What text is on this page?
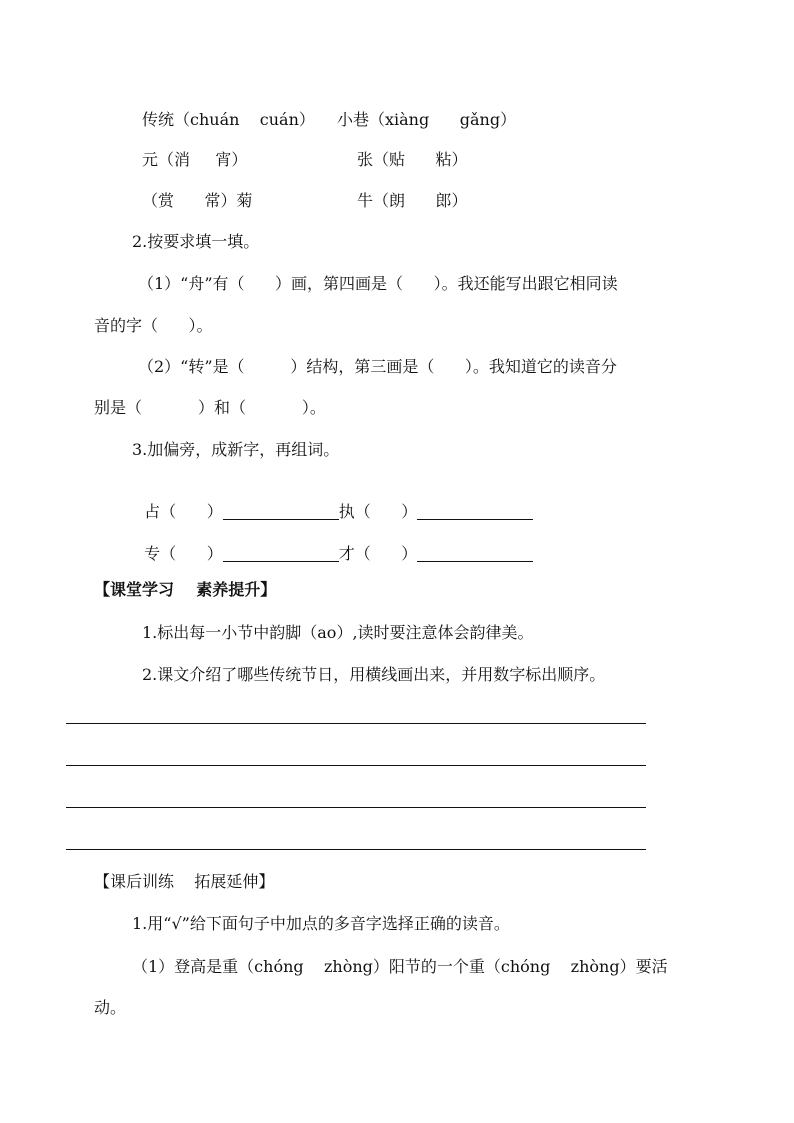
传统（chuán    cuán） 小巷（xiàng      gǎng）
元（消     宵）	张（贴      粘）
（赏      常）菊	牛（朗      郎）
2.按要求填一填。
（1）“舟”有（      ）画，第四画是（      ）。我还能写出跟它相同读
音的字（      ）。
（2）“转”是（         ）结构，第三画是（      ）。我知道它的读音分
别是（           ）和（           ）。
3.加偏旁，成新字，再组词。

占（      ）	执（      ）

专（      ）	才（      ）

【课堂学习    素养提升】
1.标出每一小节中韵脚（ao）,读时要注意体会韵律美。
2.课文介绍了哪些传统节日，用横线画出来，并用数字标出顺序。
【课后训练    拓展延伸】
1.用“√”给下面句子中加点的多音字选择正确的读音。
（1）登高是重（chóng    zhòng）阳节的一个重（chóng    zhòng）要活
动。
